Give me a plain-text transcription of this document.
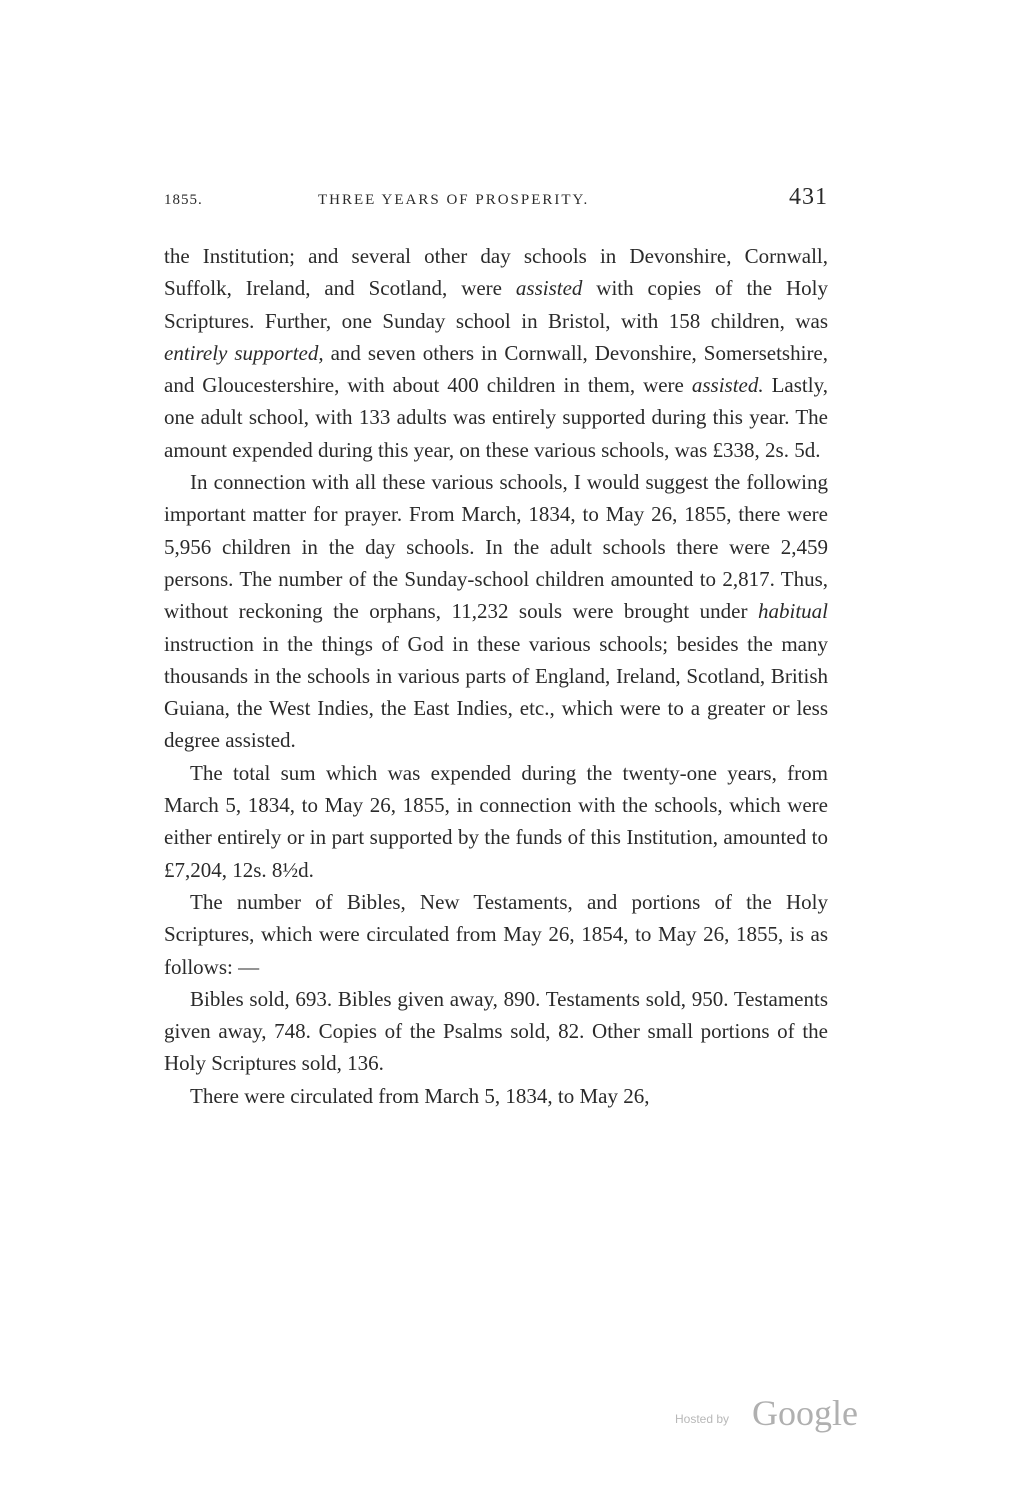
1855.	THREE YEARS OF PROSPERITY.	431

the Institution; and several other day schools in Devonshire, Cornwall, Suffolk, Ireland, and Scotland, were assisted with copies of the Holy Scriptures. Further, one Sunday school in Bristol, with 158 children, was entirely supported, and seven others in Cornwall, Devonshire, Somersetshire, and Gloucestershire, with about 400 children in them, were assisted. Lastly, one adult school, with 133 adults was entirely supported during this year. The amount expended during this year, on these various schools, was £338, 2s. 5d.

In connection with all these various schools, I would suggest the following important matter for prayer. From March, 1834, to May 26, 1855, there were 5,956 children in the day schools. In the adult schools there were 2,459 persons. The number of the Sunday-school children amounted to 2,817. Thus, without reckoning the orphans, 11,232 souls were brought under habitual instruction in the things of God in these various schools; besides the many thousands in the schools in various parts of England, Ireland, Scotland, British Guiana, the West Indies, the East Indies, etc., which were to a greater or less degree assisted.

The total sum which was expended during the twenty-one years, from March 5, 1834, to May 26, 1855, in connection with the schools, which were either entirely or in part supported by the funds of this Institution, amounted to £7,204, 12s. 8½d.

The number of Bibles, New Testaments, and portions of the Holy Scriptures, which were circulated from May 26, 1854, to May 26, 1855, is as follows: —

Bibles sold, 693. Bibles given away, 890. Testaments sold, 950. Testaments given away, 748. Copies of the Psalms sold, 82. Other small portions of the Holy Scriptures sold, 136.

There were circulated from March 5, 1834, to May 26,

Hosted by Google
